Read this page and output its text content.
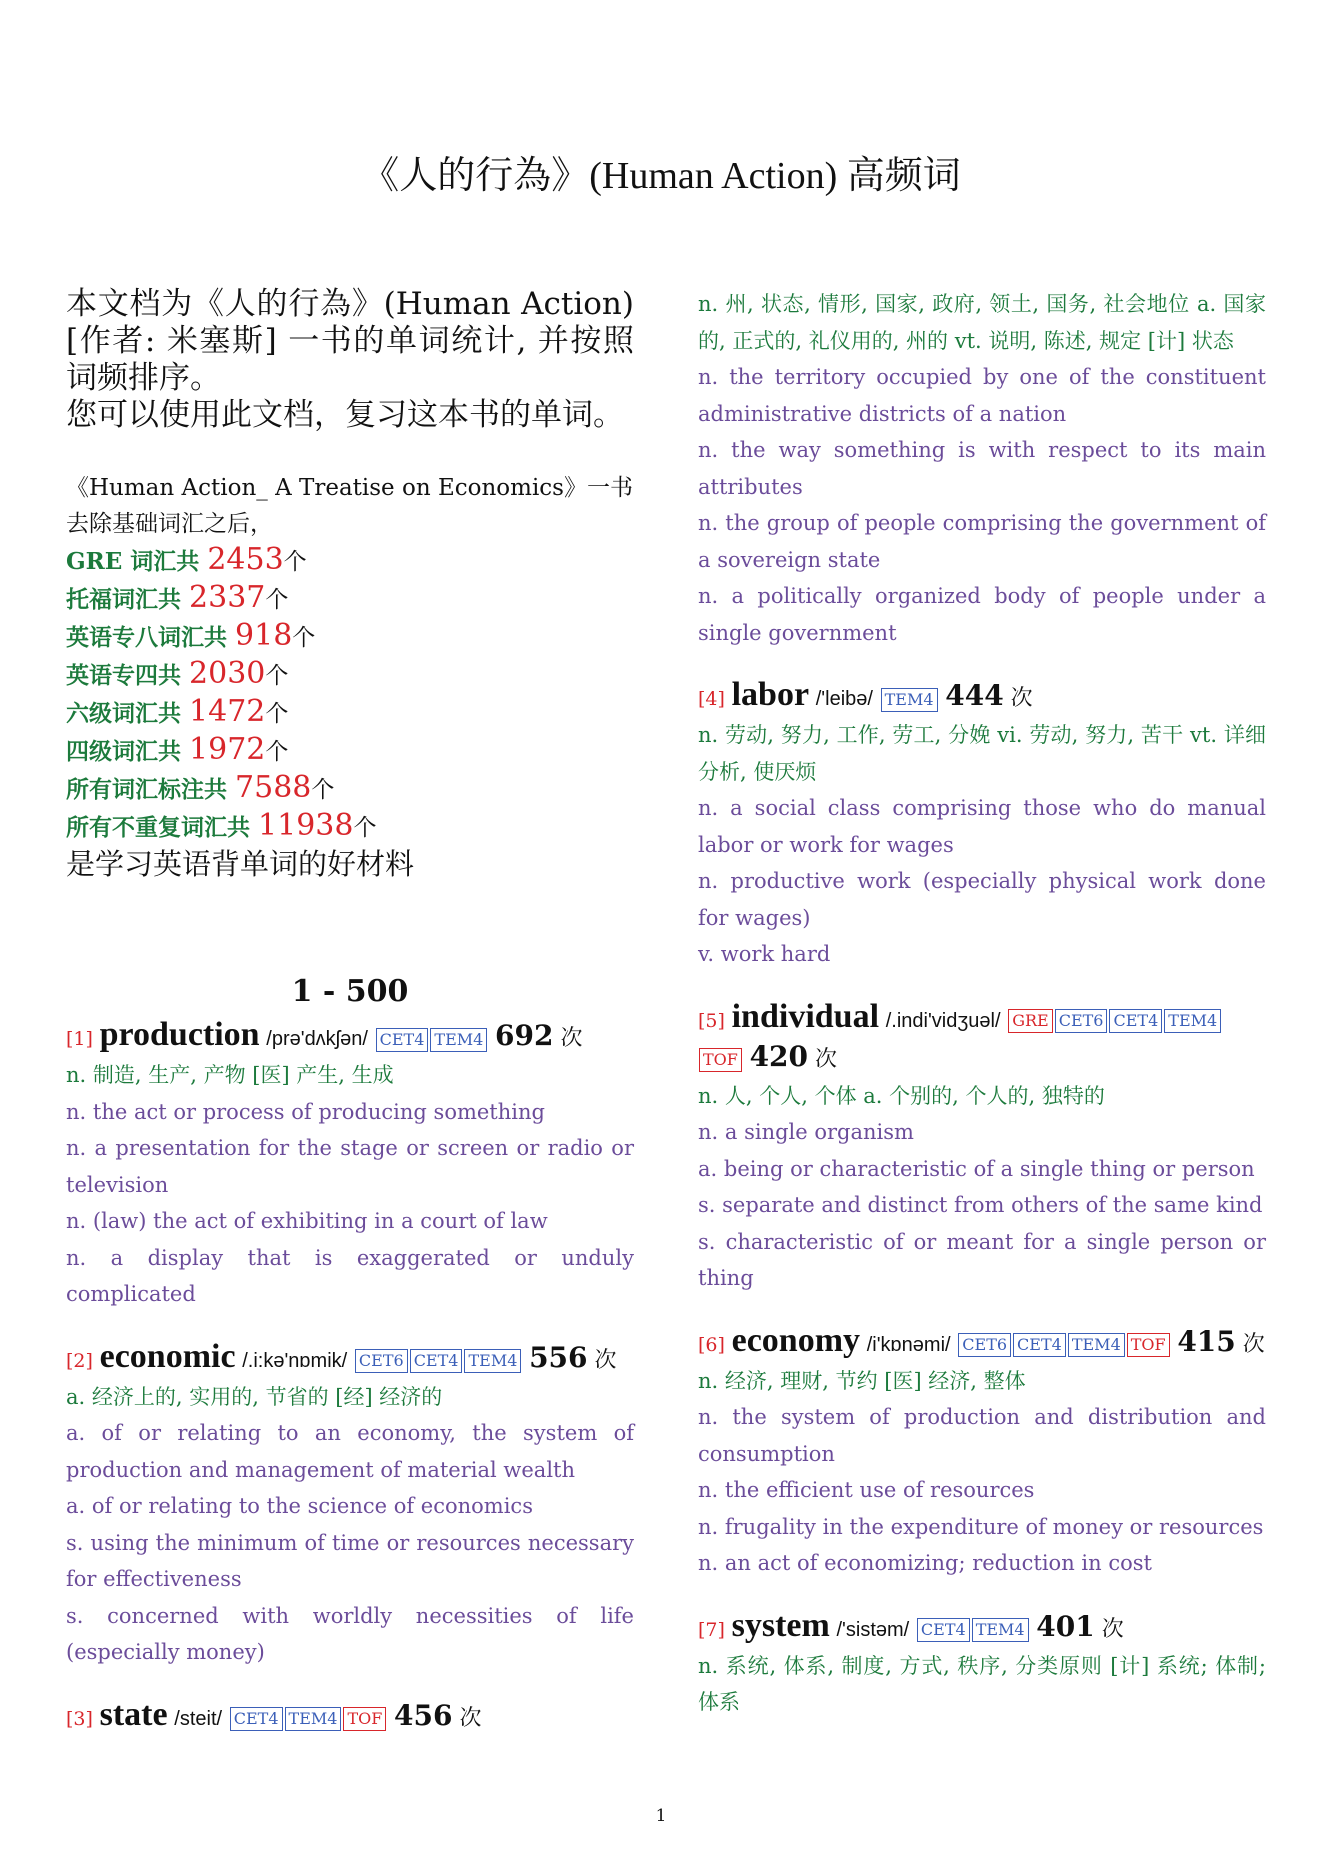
《人的行為》(Human Action) 高频词
本文档为《人的行為》(Human Action)[作者: 米塞斯] 一书的单词统计, 并按照词频排序。
您可以使用此文档，复习这本书的单词。
《Human Action_ A Treatise on Economics》一书去除基础词汇之后，
GRE 词汇共 2453个
托福词汇共 2337个
英语专八词汇共 918个
英语专四共 2030个
六级词汇共 1472个
四级词汇共 1972个
所有词汇标注共 7588个
所有不重复词汇共 11938个
是学习英语背单词的好材料
1 - 500
[1] production /prə'dʌkʃən/ CET4 TEM4 692 次
n. 制造, 生产, 产物 [医] 产生, 生成
n. the act or process of producing something
n. a presentation for the stage or screen or radio or television
n. (law) the act of exhibiting in a court of law
n. a display that is exaggerated or unduly complicated
[2] economic /.i:kə'nɒmik/ CET6 CET4 TEM4 556 次
a. 经济上的, 实用的, 节省的 [经] 经济的
a. of or relating to an economy, the system of production and management of material wealth
a. of or relating to the science of economics
s. using the minimum of time or resources necessary for effectiveness
s. concerned with worldly necessities of life (especially money)
[3] state /steit/ CET4 TEM4 TOF 456 次
n. 州, 状态, 情形, 国家, 政府, 领土, 国务, 社会地位 a. 国家的, 正式的, 礼仪用的, 州的 vt. 说明, 陈述, 规定 [计] 状态
n. the territory occupied by one of the constituent administrative districts of a nation
n. the way something is with respect to its main attributes
n. the group of people comprising the government of a sovereign state
n. a politically organized body of people under a single government
[4] labor /'leibə/ TEM4 444 次
n. 劳动, 努力, 工作, 劳工, 分娩 vi. 劳动, 努力, 苦干 vt. 详细分析, 使厌烦
n. a social class comprising those who do manual labor or work for wages
n. productive work (especially physical work done for wages)
v. work hard
[5] individual /.indi'vidʒuəl/ GRE CET6 CET4 TEM4TOF 420 次
n. 人, 个人, 个体 a. 个别的, 个人的, 独特的
n. a single organism
a. being or characteristic of a single thing or person
s. separate and distinct from others of the same kind
s. characteristic of or meant for a single person or thing
[6] economy /i'kɒnəmi/ CET6 CET4 TEM4 TOF 415 次
n. 经济, 理财, 节约 [医] 经济, 整体
n. the system of production and distribution and consumption
n. the efficient use of resources
n. frugality in the expenditure of money or resources
n. an act of economizing; reduction in cost
[7] system /'sistəm/ CET4 TEM4 401 次
n. 系统, 体系, 制度, 方式, 秩序, 分类原则 [计] 系统; 体制; 体系
1
